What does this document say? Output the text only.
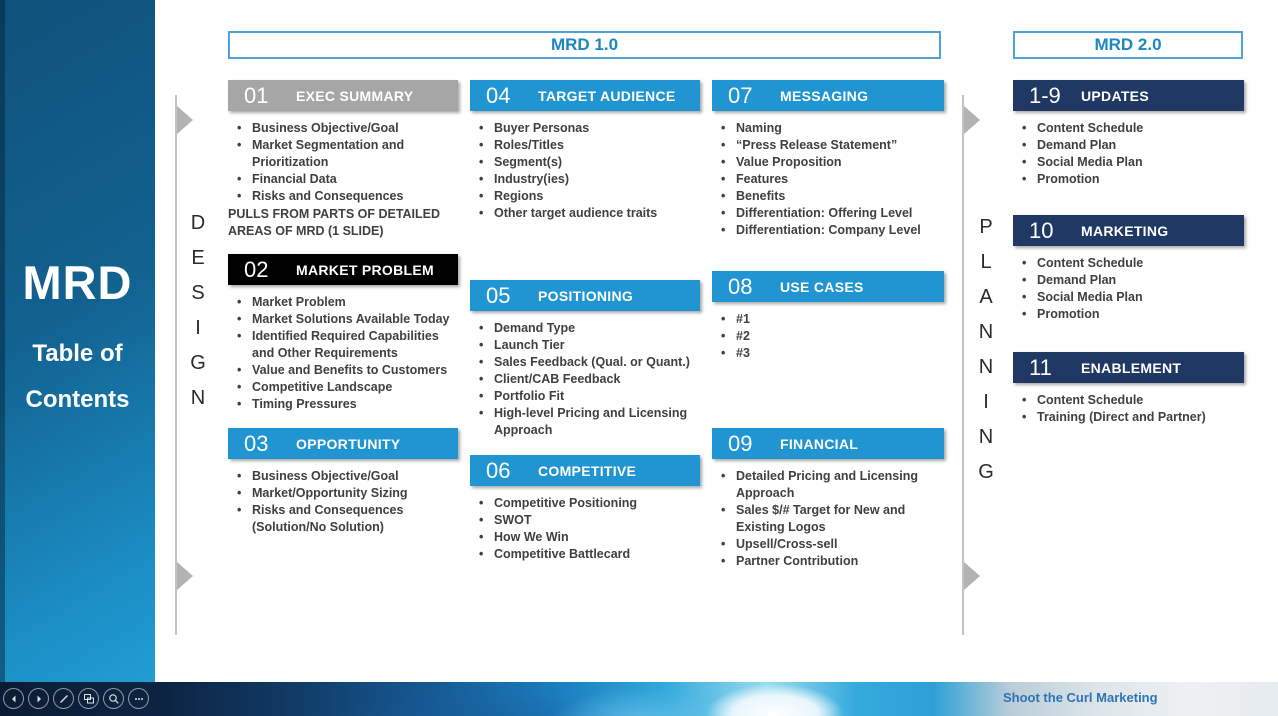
MRD
Table of
Contents
MRD 1.0	MRD 2.0
D
E
S
I
G
N
P
L
A
N
N
I
N
G
01	EXEC SUMMARY
• Business Objective/Goal
• Market Segmentation and Prioritization
• Financial Data
• Risks and Consequences
PULLS FROM PARTS OF DETAILED AREAS OF MRD (1 SLIDE)
02	MARKET PROBLEM
• Market Problem
• Market Solutions Available Today
• Identified Required Capabilities and Other Requirements
• Value and Benefits to Customers
• Competitive Landscape
• Timing Pressures
03	OPPORTUNITY
• Business Objective/Goal
• Market/Opportunity Sizing
• Risks and Consequences (Solution/No Solution)
04	TARGET AUDIENCE
• Buyer Personas
• Roles/Titles
• Segment(s)
• Industry(ies)
• Regions
• Other target audience traits
05	POSITIONING
• Demand Type
• Launch Tier
• Sales Feedback (Qual. or Quant.)
• Client/CAB Feedback
• Portfolio Fit
• High-level Pricing and Licensing Approach
06	COMPETITIVE
• Competitive Positioning
• SWOT
• How We Win
• Competitive Battlecard
07	MESSAGING
• Naming
• “Press Release Statement”
• Value Proposition
• Features
• Benefits
• Differentiation: Offering Level
• Differentiation: Company Level
08	USE CASES
• #1
• #2
• #3
09	FINANCIAL
• Detailed Pricing and Licensing Approach
• Sales $/# Target for New and Existing Logos
• Upsell/Cross-sell
• Partner Contribution
1-9	UPDATES
• Content Schedule
• Demand Plan
• Social Media Plan
• Promotion
10	MARKETING
• Content Schedule
• Demand Plan
• Social Media Plan
• Promotion
11	ENABLEMENT
• Content Schedule
• Training (Direct and Partner)
Shoot the Curl Marketing
